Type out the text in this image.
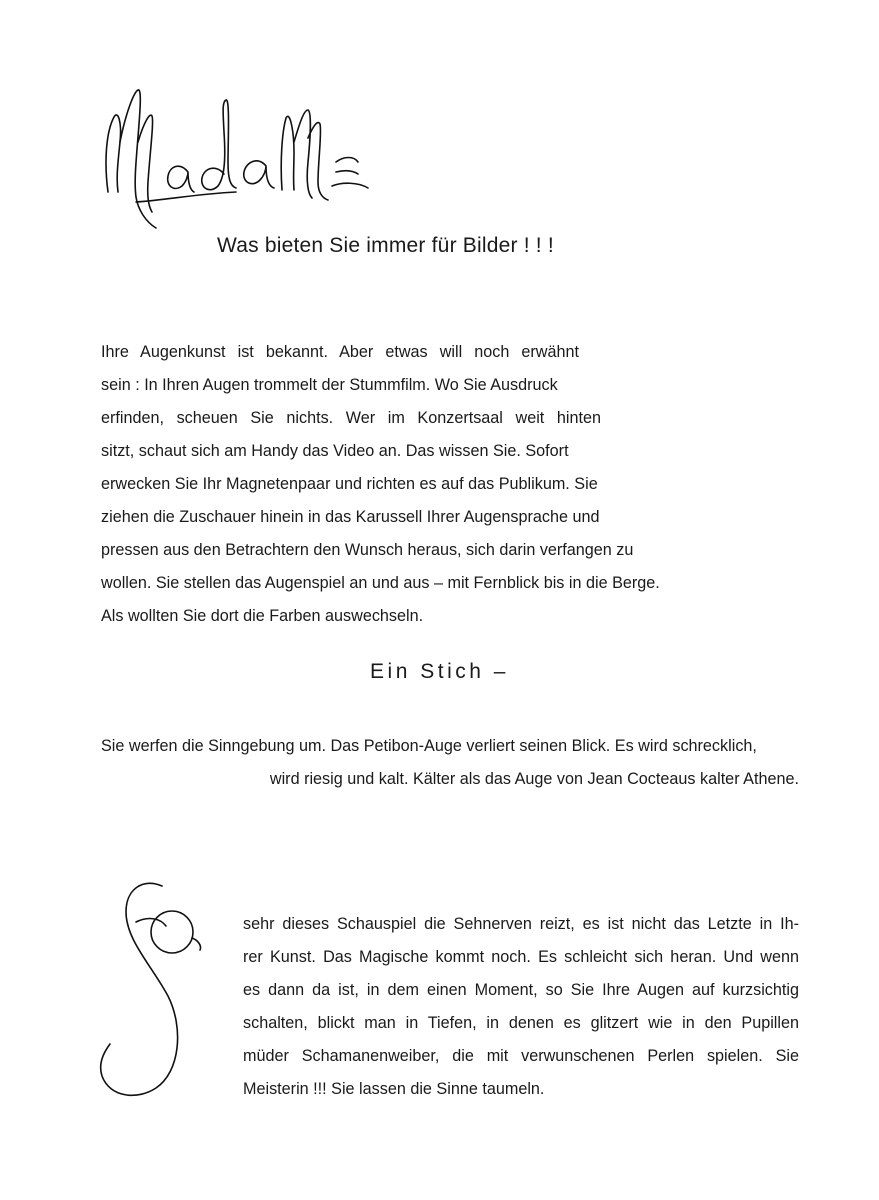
Was bieten Sie immer für Bilder ! ! !
Ihre Augenkunst ist bekannt. Aber etwas will noch erwähnt
sein : In Ihren Augen trommelt der Stummfilm. Wo Sie Ausdruck
erfinden, scheuen Sie nichts. Wer im Konzertsaal weit hinten
sitzt, schaut sich am Handy das Video an. Das wissen Sie. Sofort
erwecken Sie Ihr Magnetenpaar und richten es auf das Publikum. Sie
ziehen die Zuschauer hinein in das Karussell Ihrer Augensprache und
pressen aus den Betrachtern den Wunsch heraus, sich darin verfangen zu
wollen. Sie stellen das Augenspiel an und aus – mit Fernblick bis in die Berge.
Als wollten Sie dort die Farben auswechseln.
Ein Stich –
Sie werfen die Sinngebung um. Das Petibon-Auge verliert seinen Blick. Es wird schrecklich,
wird riesig und kalt. Kälter als das Auge von Jean Cocteaus kalter Athene.
sehr dieses Schauspiel die Sehnerven reizt, es ist nicht das Letzte in Ih-
rer Kunst. Das Magische kommt noch. Es schleicht sich heran. Und wenn
es dann da ist, in dem einen Moment, so Sie Ihre Augen auf kurzsichtig
schalten, blickt man in Tiefen, in denen es glitzert wie in den Pupillen
müder Schamanenweiber, die mit verwunschenen Perlen spielen. Sie
Meisterin !!! Sie lassen die Sinne taumeln.
